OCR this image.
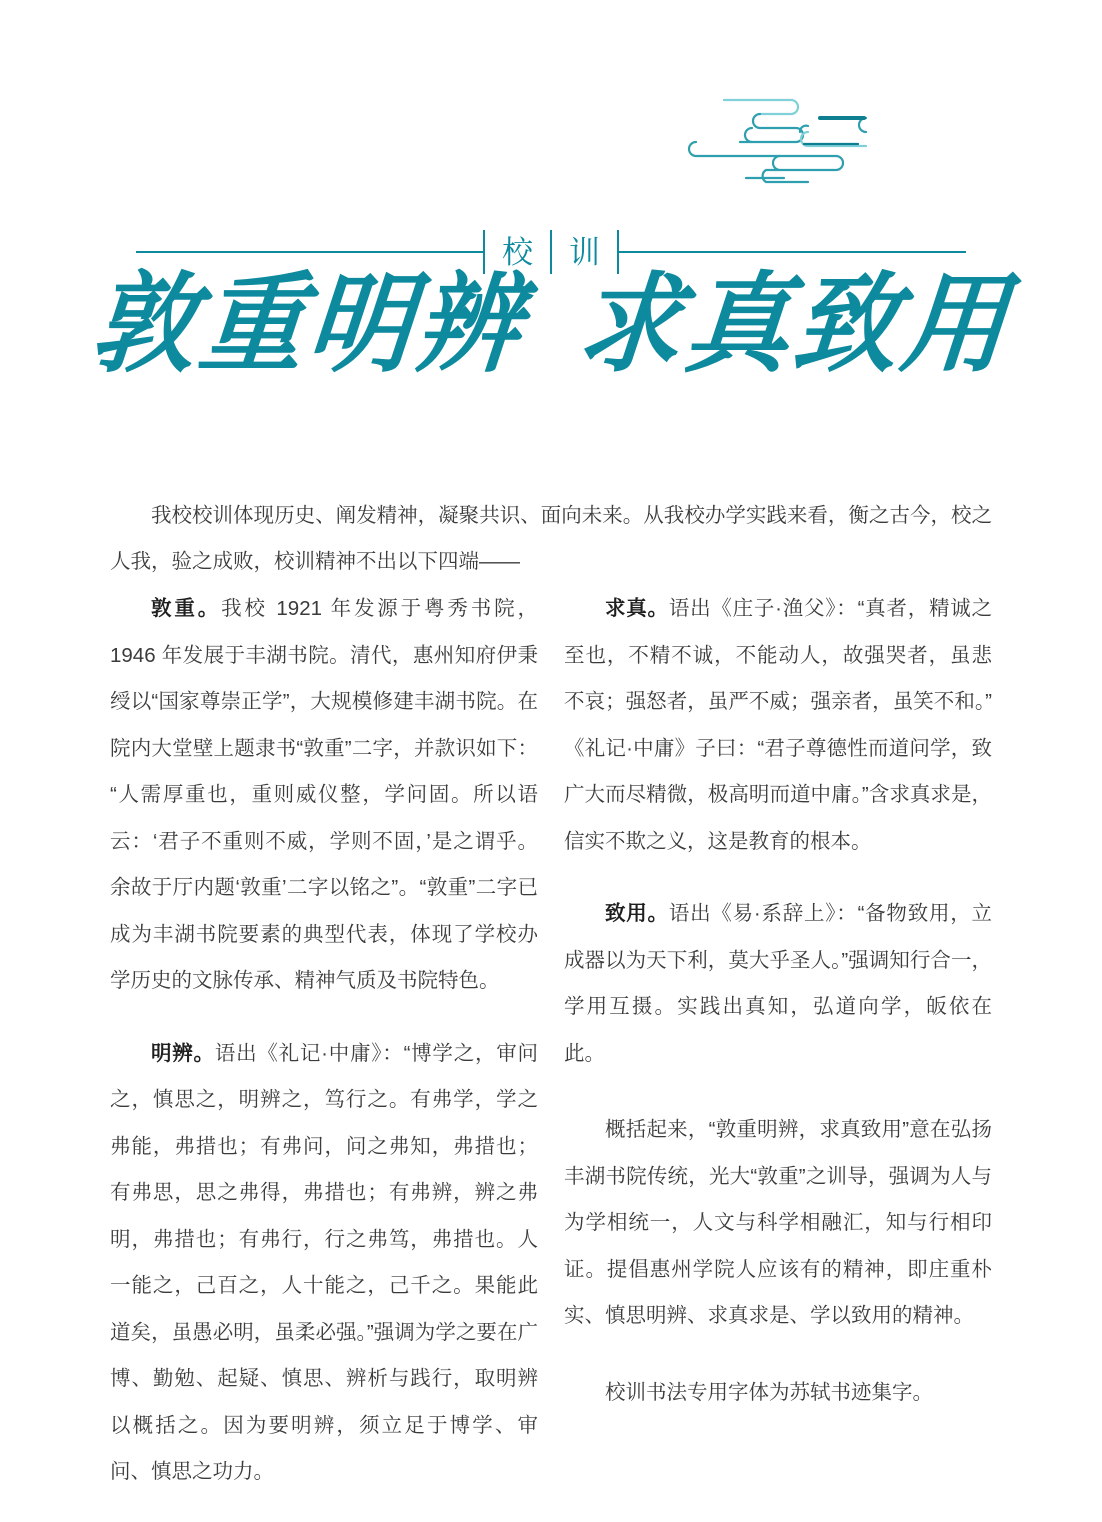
校	训
敦重明辨 求真致用

我校校训体现历史、阐发精神，凝聚共识、面向未来。从我校办学实践来看，衡之古今，校之人我，验之成败，校训精神不出以下四端——

敦重。我校 1921 年发源于粤秀书院，1946 年发展于丰湖书院。清代，惠州知府伊秉绶以“国家尊崇正学”，大规模修建丰湖书院。在院内大堂壁上题隶书“敦重”二字，并款识如下：“人需厚重也，重则威仪整，学问固。所以语云：‘君子不重则不威，学则不固，’是之谓乎。余故于厅内题‘敦重’二字以铭之”。“敦重”二字已成为丰湖书院要素的典型代表，体现了学校办学历史的文脉传承、精神气质及书院特色。

明辨。语出《礼记·中庸》：“博学之，审问之，慎思之，明辨之，笃行之。有弗学，学之弗能，弗措也；有弗问，问之弗知，弗措也；有弗思，思之弗得，弗措也；有弗辨，辨之弗明，弗措也；有弗行，行之弗笃，弗措也。人一能之，己百之，人十能之，己千之。果能此道矣，虽愚必明，虽柔必强。”强调为学之要在广博、勤勉、起疑、慎思、辨析与践行，取明辨以概括之。因为要明辨，须立足于博学、审问、慎思之功力。

求真。语出《庄子·渔父》：“真者，精诚之至也，不精不诚，不能动人，故强哭者，虽悲不哀；强怒者，虽严不威；强亲者，虽笑不和。”《礼记·中庸》子曰：“君子尊德性而道问学，致广大而尽精微，极高明而道中庸。”含求真求是，信实不欺之义，这是教育的根本。

致用。语出《易·系辞上》：“备物致用，立成器以为天下利，莫大乎圣人。”强调知行合一，学用互摄。实践出真知，弘道向学，皈依在此。

概括起来，“敦重明辨，求真致用”意在弘扬丰湖书院传统，光大“敦重”之训导，强调为人与为学相统一，人文与科学相融汇，知与行相印证。提倡惠州学院人应该有的精神，即庄重朴实、慎思明辨、求真求是、学以致用的精神。

校训书法专用字体为苏轼书迹集字。
